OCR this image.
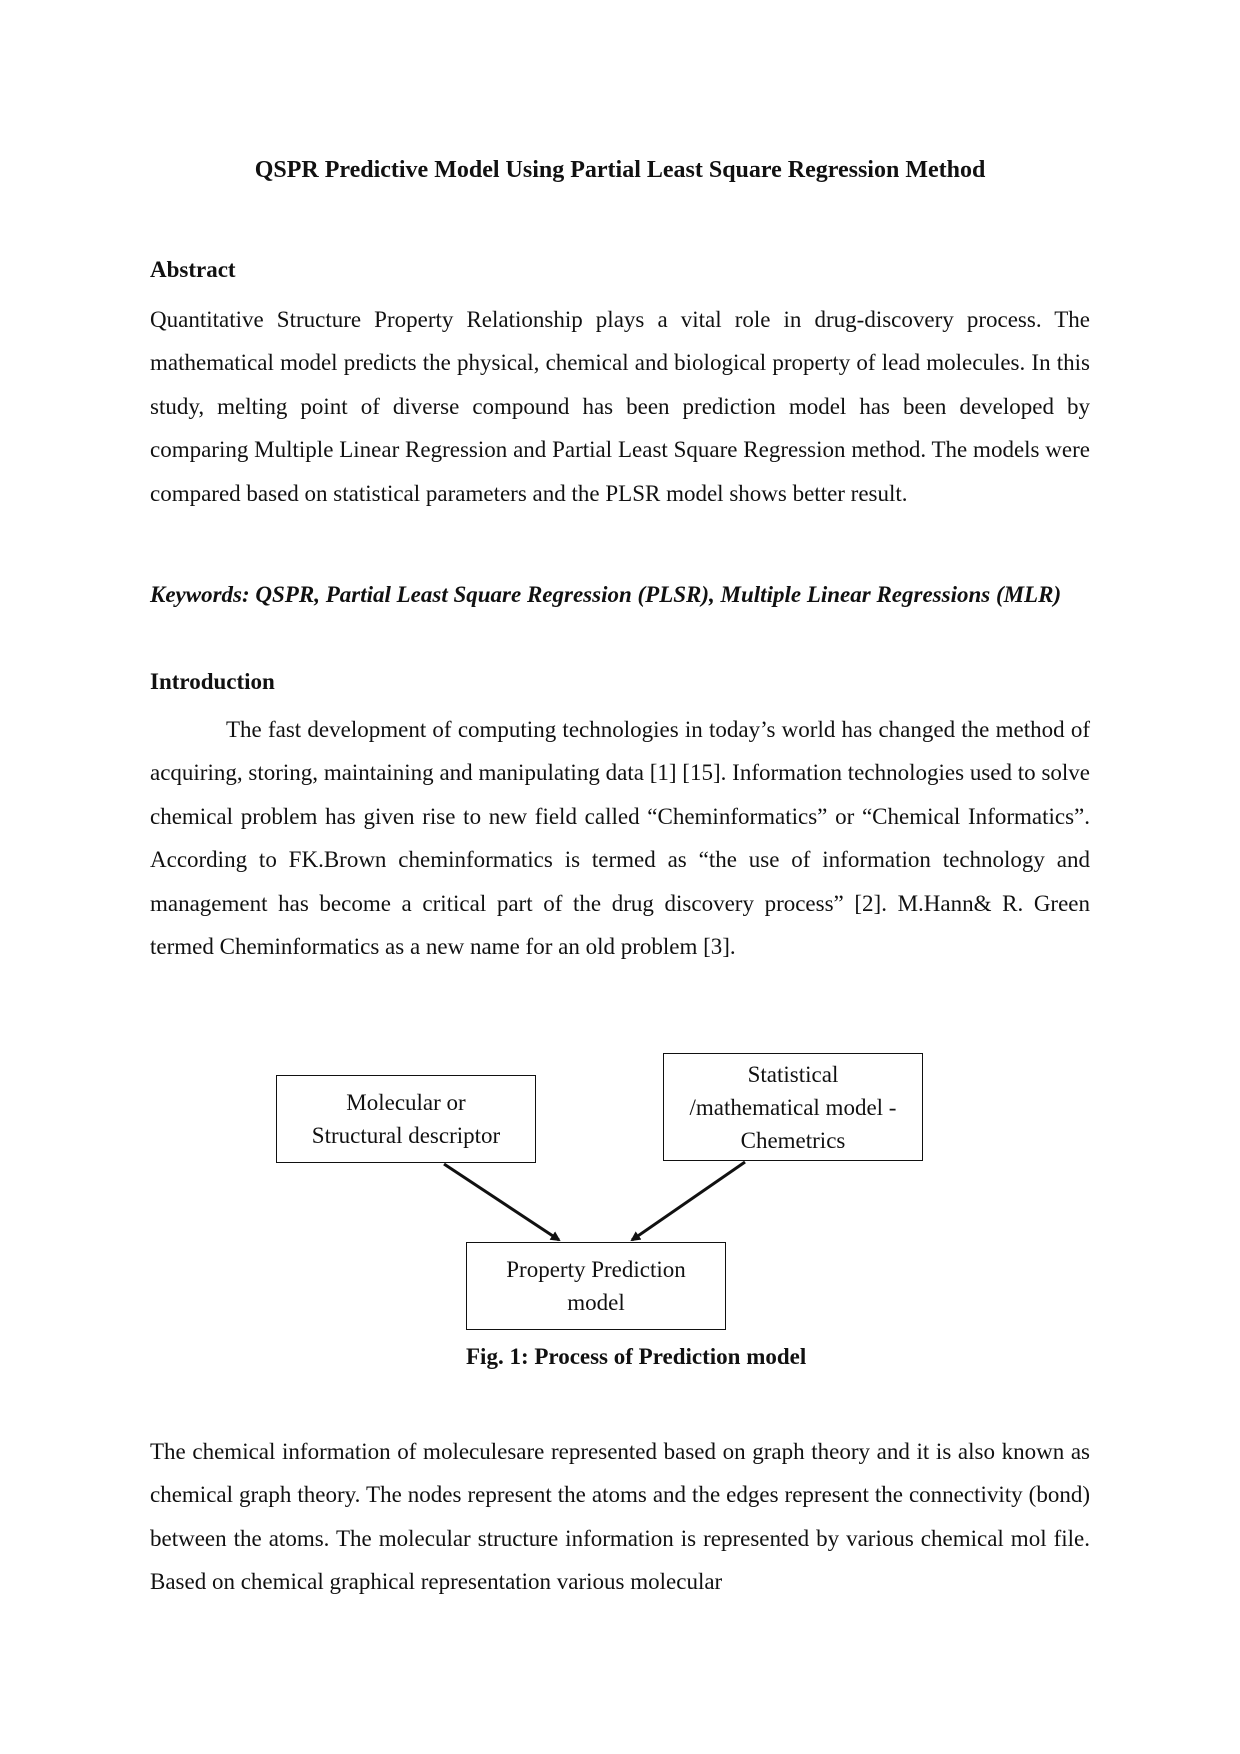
QSPR Predictive Model Using Partial Least Square Regression Method
Abstract

Quantitative Structure Property Relationship plays a vital role in drug-discovery process. The mathematical model predicts the physical, chemical and biological property of lead molecules. In this study, melting point of diverse compound has been prediction model has been developed by comparing Multiple Linear Regression and Partial Least Square Regression method. The models were compared based on statistical parameters and the PLSR model shows better result.

Keywords: QSPR, Partial Least Square Regression (PLSR), Multiple Linear Regressions (MLR)

Introduction

The fast development of computing technologies in today’s world has changed the method of acquiring, storing, maintaining and manipulating data [1] [15]. Information technologies used to solve chemical problem has given rise to new field called “Cheminformatics” or “Chemical Informatics”. According to FK.Brown cheminformatics is termed as “the use of information technology and management has become a critical part of the drug discovery process” [2]. M.Hann& R. Green termed Cheminformatics as a new name for an old problem [3].

Molecular or
Structural descriptor
Statistical
/mathematical model -
Chemetrics
Property Prediction
model
Fig. 1: Process of Prediction model

The chemical information of moleculesare represented based on graph theory and it is also known as chemical graph theory. The nodes represent the atoms and the edges represent the connectivity (bond) between the atoms. The molecular structure information is represented by various chemical mol file. Based on chemical graphical representation various molecular
